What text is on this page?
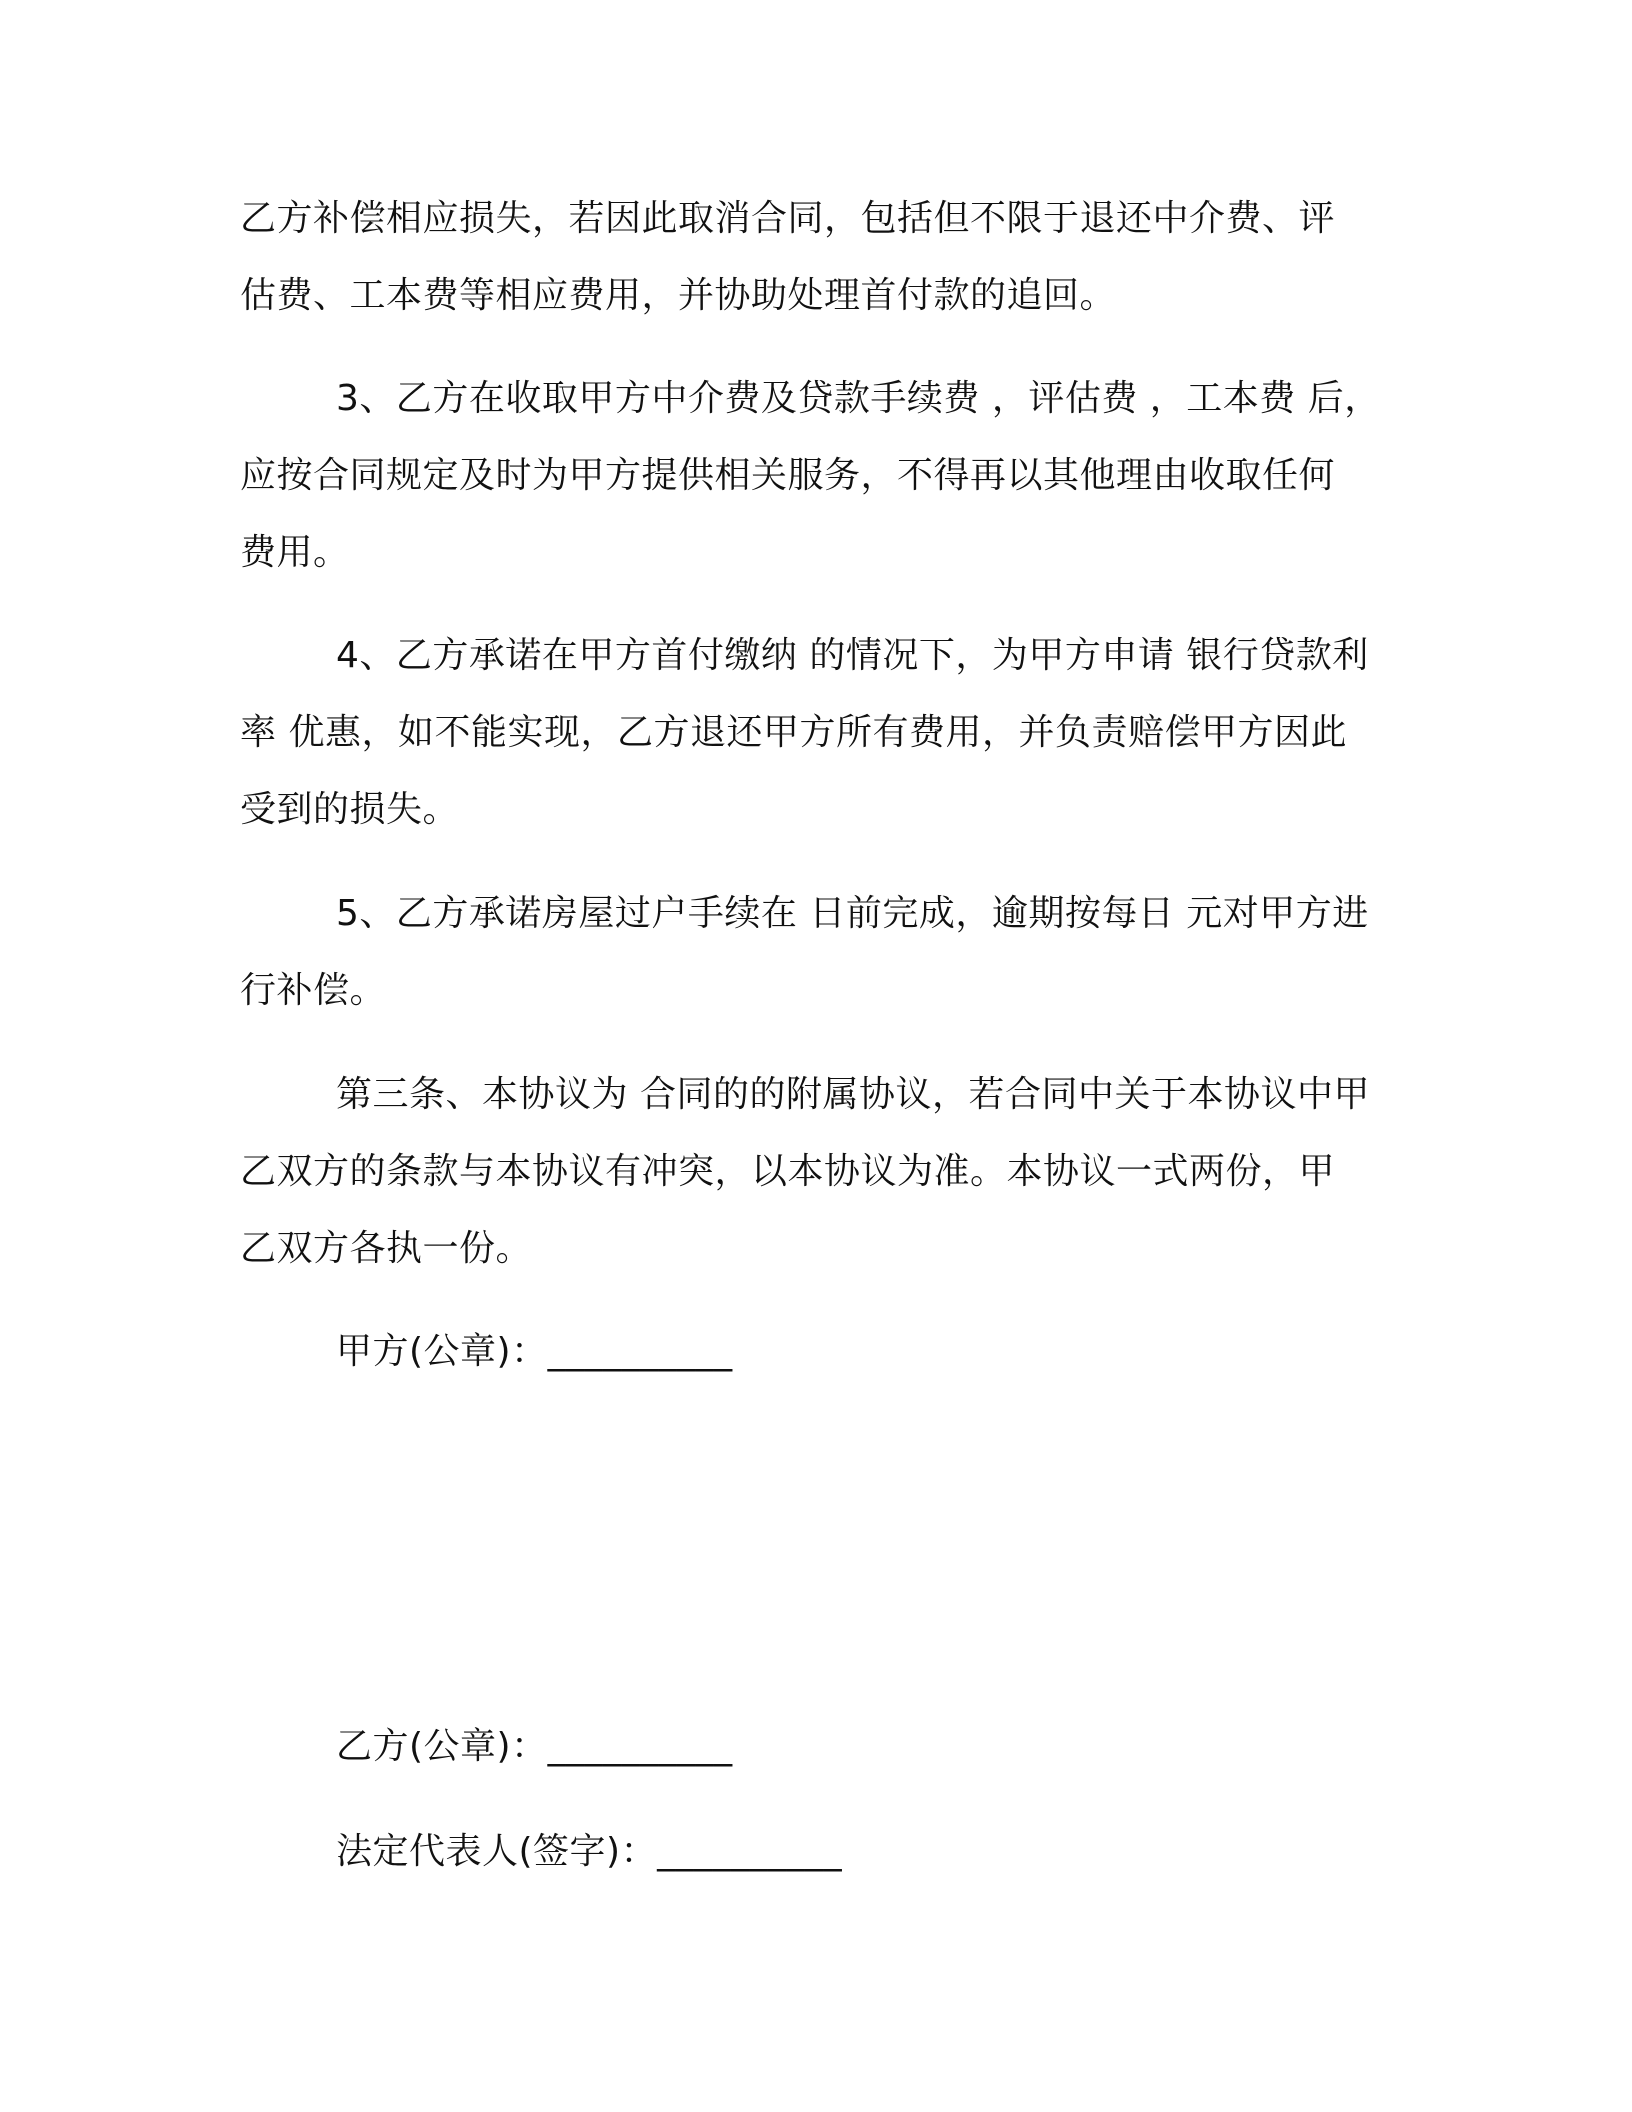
乙方补偿相应损失，若因此取消合同，包括但不限于退还中介费、评
估费、工本费等相应费用，并协助处理首付款的追回。
3、乙方在收取甲方中介费及贷款手续费 ，评估费 ，工本费 后，
应按合同规定及时为甲方提供相关服务，不得再以其他理由收取任何
费用。
4、乙方承诺在甲方首付缴纳 的情况下，为甲方申请 银行贷款利
率 优惠，如不能实现，乙方退还甲方所有费用，并负责赔偿甲方因此
受到的损失。
5、乙方承诺房屋过户手续在 日前完成，逾期按每日 元对甲方进
行补偿。
第三条、本协议为 合同的的附属协议，若合同中关于本协议中甲
乙双方的条款与本协议有冲突，以本协议为准。本协议一式两份，甲
乙双方各执一份。
甲方(公章)：__________
乙方(公章)：__________
法定代表人(签字)：__________
